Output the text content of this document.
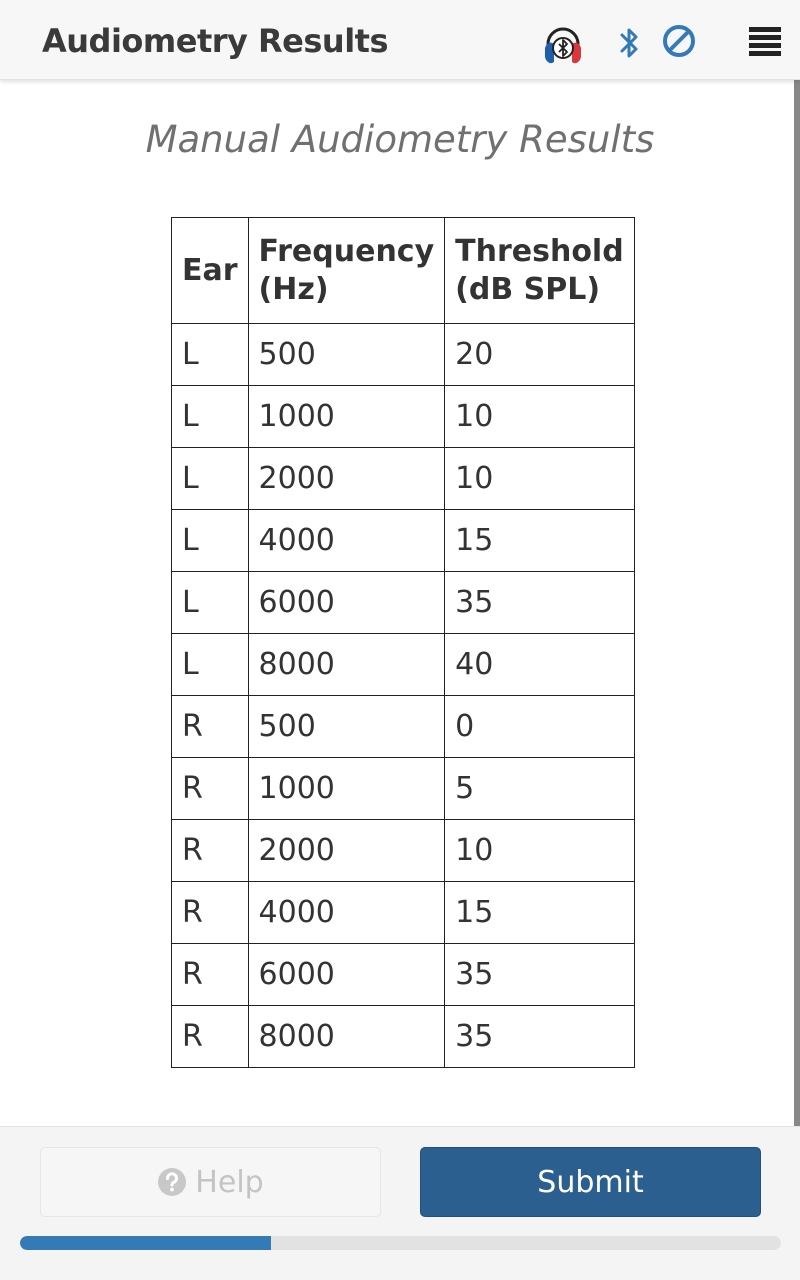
Audiometry Results
Manual Audiometry Results
Ear	Frequency (Hz)	Threshold (dB SPL)
L	500	20
L	1000	10
L	2000	10
L	4000	15
L	6000	35
L	8000	40
R	500	0
R	1000	5
R	2000	10
R	4000	15
R	6000	35
R	8000	35
Help	Submit
